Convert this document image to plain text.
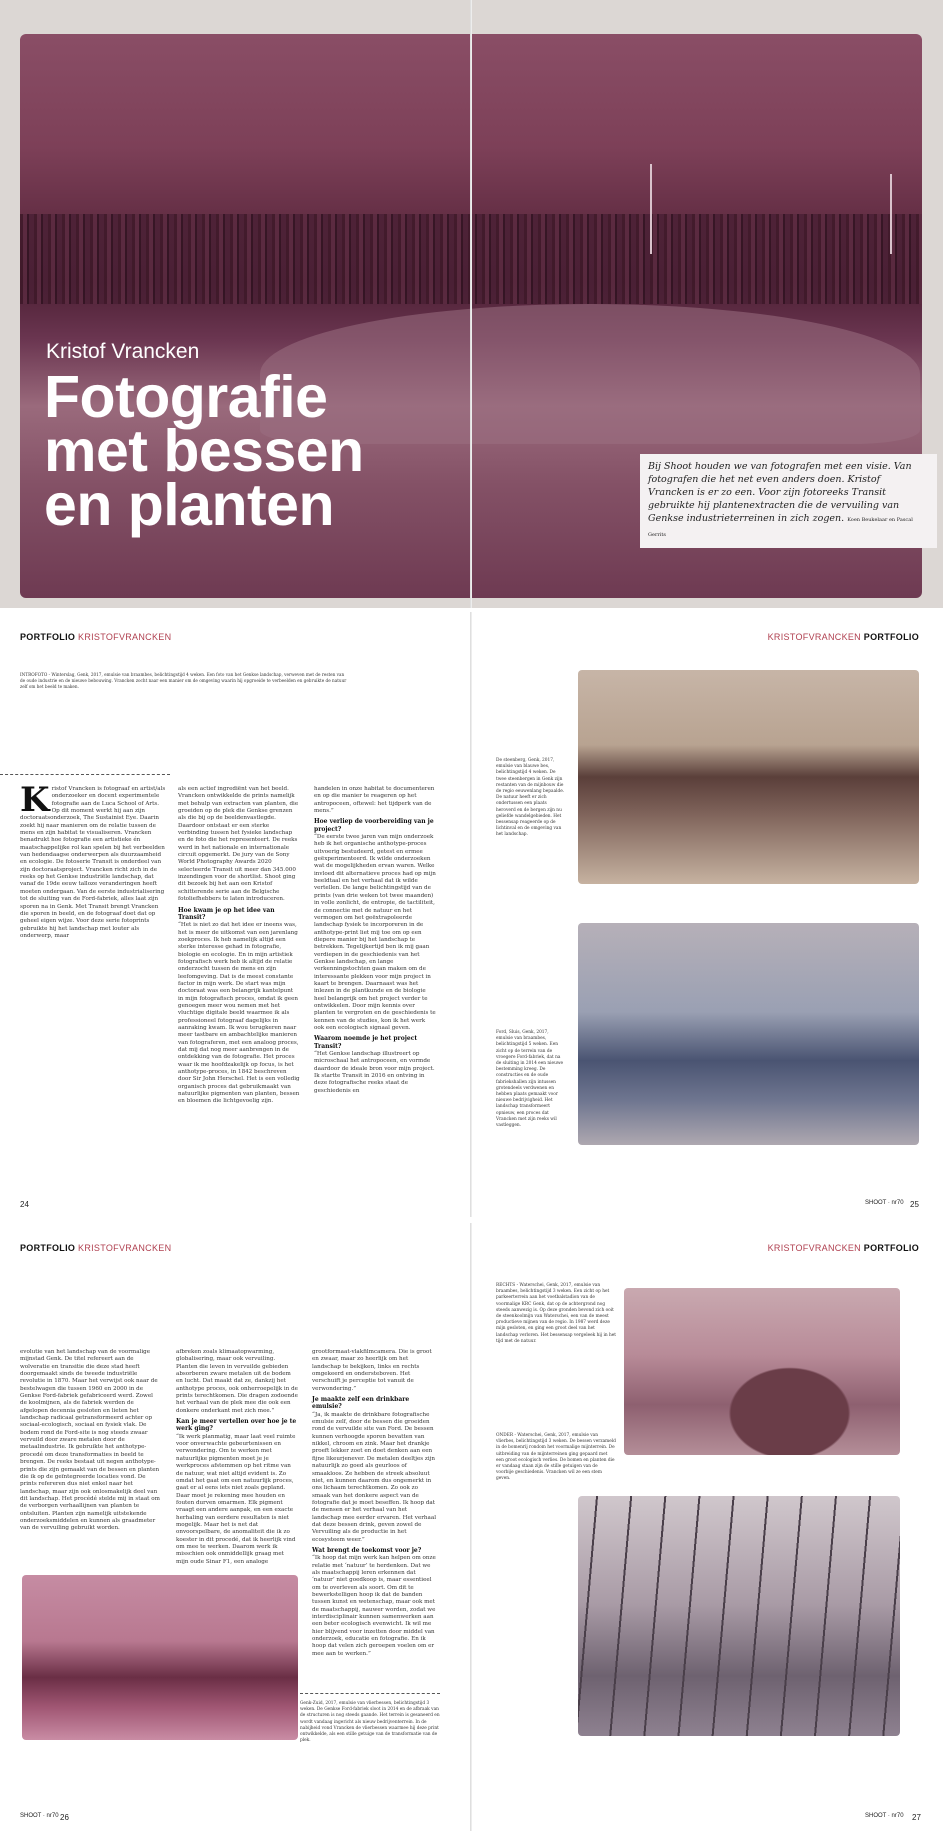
Kristof Vrancken
Fotografie
met bessen
en planten
Bij Shoot houden we van fotografen met een visie. Van fotografen die het net even anders doen. Kristof Vrancken is er zo een. Voor zijn fotoreeks Transit gebruikte hij plantenextracten die de vervuiling van Genkse industrieterreinen in zich zogen. Koen Beukelaar en Pascal Gerrits
PORTFOLIO KRISTOFVRANCKEN	KRISTOFVRANCKEN PORTFOLIO
INTROFOTO - Winterslag, Genk, 2017, emulsie van braambes, belichtingstijd 4 weken. Een foto van het Genkse landschap, verweven met de resten van de oude industrie en de nieuwe bebouwing. Vrancken zocht naar een manier om de omgeving waarin hij opgroeide te verbeelden en gebruikte de natuur zelf om het beeld te maken.
K ristof Vrancken is fotograaf en artist/als onderzoeker en docent experimentele fotografie aan de Luca School of Arts. Op dit moment werkt hij aan zijn doctoraatsonderzoek, The Sustainist Eye. Daarin zoekt hij naar manieren om de relatie tussen de mens en zijn habitat te visualiseren. Vrancken benadrukt hoe fotografie een artistieke én maatschappelijke rol kan spelen bij het verbeelden van hedendaagse onderwerpen als duurzaamheid en ecologie. De fotoserie Transit is onderdeel van zijn doctoraatsproject. Vrancken richt zich in de reeks op het Genkse industriële landschap, dat vanaf de 19de eeuw talloze veranderingen heeft moeten ondergaan. Van de eerste industrialisering tot de sluiting van de Ford-fabriek, alles laat zijn sporen na in Genk. Met Transit brengt Vrancken die sporen in beeld, en de fotograaf doet dat op geheel eigen wijze. Voor deze serie fotoprints gebruikte hij het landschap met louter als onderwerp, maar

als een actief ingrediënt van het beeld. Vrancken ontwikkelde de prints namelijk met behulp van extracten van planten, die groeiden op de plek die Genkse grenzen als die bij op de beeldenvastlegde. Daardoor ontstaat er een sterke verbinding tussen het fysieke landschap en de foto die het representeert. De reeks werd in het nationale en internationale circuit opgemerkt. De jury van de Sony World Photography Awards 2020 selecteerde Transit uit meer dan 345.000 inzendingen voor de shortlist. Shoot ging dit bezoek bij het aan een Kristof schitterende serie aan de Belgische fotoliefhebbers te laten introduceren.

Hoe kwam je op het idee van Transit?

“Het is niet zo dat het idee er ineens was, het is meer de uitkomst van een jarenlang zoekproces. Ik heb namelijk altijd een sterke interesse gehad in fotografie, biologie en ecologie. En in mijn artistiek fotografisch werk heb ik altijd de relatie onderzocht tussen de mens en zijn leefomgeving. Dat is de meest constante factor in mijn werk. De start was mijn doctoraat was een belangrijk kantelpunt in mijn fotografisch proces, omdat ik geen genoegen meer wou nemen met het vluchtige digitale beeld waarmee ik als professioneel fotograaf dagelijks in aanraking kwam. Ik wou terugkeren naar meer tastbare en ambachtelijke manieren van fotograferen, met een analoog proces, dat mij dat nog meer aanbrengen in de ontdekking van de fotografie. Het proces waar ik me hoofdzakelijk op focus, is het anthotype-proces, in 1842 beschreven door Sir John Herschel. Het is een volledig organisch proces dat gebruikmaakt van natuurlijke pigmenten van planten, bessen en bloemen die lichtgevoelig zijn.

handelen in onze habitat te documenteren en op die manier te reageren op het antropoceen, oftewel: het tijdperk van de mens.”

Hoe verliep de voorbereiding van je project?

“De eerste twee jaren van mijn onderzoek heb ik het organische anthotype-proces uitvoerig bestudeerd, getest en ermee geëxperimenteerd. Ik wilde onderzoeken wat de mogelijkheden ervan waren. Welke invloed dit alternatieve proces had op mijn beeldtaal en het verhaal dat ik wilde vertellen. De lange belichtingstijd van de prints (van drie weken tot twee maanden) in volle zonlicht, de entropie, de tactiliteit, de connectie met de natuur en het vermogen om het geëxtrapoleerde landschap fysiek te incorporeren in de anthotype-print liet mij toe om op een diepere manier bij het landschap te betrekken. Tegelijkertijd ben ik mij gaan verdiepen in de geschiedenis van het Genkse landschap, en lange verkenningstochten gaan maken om de interessante plekken voor mijn project in kaart te brengen. Daarnaast was het inlezen in de plantkunde en de biologie heel belangrijk om het project verder te ontwikkelen. Door mijn kennis over planten te vergroten en de geschiedenis te kennen van de studies, kon ik het werk ook een ecologisch signaal geven.

Waarom noemde je het project Transit?

“Het Genkse landschap illustreert op microschaal het antropoceen, en vormde daardoor de ideale bron voor mijn project. Ik startte Transit in 2016 en ontving in deze fotografische reeks staat de geschiedenis en

24
De steenberg, Genk, 2017, emulsie van blauwe bes, belichtingstijd 4 weken. De twee steenbergen in Genk zijn restanten van de mijnbouw die de regio eeuwenlang bepaalde. De natuur heeft er zich ondertussen een plaats heroverd en de bergen zijn nu geliefde wandelgebieden. Het bessensap reageerde op de lichtinval en de omgeving van het landschap.
Ford, Sluis, Genk, 2017, emulsie van braambes, belichtingstijd 5 weken. Een zicht op de terrein van de vroegere Ford-fabriek, dat na de sluiting in 2014 een nieuwe bestemming kreeg. De constructies en de oude fabriekshallen zijn intussen grotendeels verdwenen en hebben plaats gemaakt voor nieuwe bedrijvigheid. Het landschap transformeert opnieuw, een proces dat Vrancken met zijn reeks wil vastleggen.
SHOOT · nr70 25
PORTFOLIO KRISTOFVRANCKEN	KRISTOFVRANCKEN PORTFOLIO

evolutie van het landschap van de voormalige mijnstad Genk. De titel refereert aan de wolveratie en transitie die deze stad heeft doorgemaakt sinds de tweede industriële revolutie in 1870. Maar het verwijst ook naar de bestelwagen die tussen 1960 en 2000 in de Genkse Ford-fabriek gefabriceerd werd. Zowel de koolmijnen, als de fabriek werden de afgelopen decennia gesloten en lieten het landschap radicaal getransformeerd achter op sociaal-ecologisch, sociaal en fysiek vlak. De bodem rond de Ford-site is nog steeds zwaar vervuild door zware metalen door de metaalindustrie. Ik gebruikte het anthotype-procedé om deze transformaties in beeld te brengen. De reeks bestaat uit negen anthotype-prints die zijn gemaakt van de bessen en planten die ik op de geïntegreerde locaties vond. De prints refereren dus niet enkel naar het landschap, maar zijn ook onlosmakelijk deel van dit landschap. Het procédé stelde mij in staat om de verborgen verhaallijnen van planten te ontsluiten. Planten zijn namelijk uitstekende onderzoeksmiddelen en kunnen als graadmeter van de vervuiling gebruikt worden.

afbreken zoals klimaatopwarming, globalisering, maar ook vervuiling. Planten die leven in vervuilde gebieden absorberen zware metalen uit de bodem en lucht. Dat maakt dat ze, dankzij het anthotype proces, ook onherroepelijk in de prints terechtkomen. Die dragen zodoende het verhaal van de plek mee die ook een donkere onderkant met zich mee.”

Kan je meer vertellen over hoe je te werk ging?

“Ik werk planmatig, maar laat veel ruimte voor onverwachte gebeurtenissen en verwondering. Om te werken met natuurlijke pigmenten moet je je werkproces afstemmen op het ritme van de natuur, wat niet altijd evident is. Zo omdat het gaat om een natuurlijk proces, gaat er al eens iets niet zoals gepland. Daar moet je rekening mee houden en fouten durven omarmen. Elk pigment vraagt een andere aanpak, en een exacte herhaling van eerdere resultaten is niet mogelijk. Maar het is net dat onvoorspelbare, de anomaliteit die ik zo koester in dit procedé, dat ik heerlijk vind om mee te werken. Daarom werk ik misschien ook onmiddellijk graag met mijn oude Sinar F1, een analoge

grootformaat-vlakfilmcamera. Die is groot en zwaar, maar zo heerlijk om het landschap te bekijken, links en rechts omgekeerd en ondersteboven. Het verschuift je perceptie tot vanuit de verwondering.”

Je maakte zelf een drinkbare emulsie?

“Ja, ik maakte de drinkbare fotografische emulsie zelf, door de bessen die groeiden rond de vervuilde site van Ford. De bessen kunnen verhoogde sporen bevatten van nikkel, chroom en zink. Maar het drankje proeft lekker zoet en doet denken aan een fijne likeurjenever. De metalen deeltjes zijn natuurlijk zo goed als geurloos of smaakloos. Ze hebben de streek absoluut niet, en kunnen daarom dus ongemerkt in ons lichaam terechtkomen. Zo ook zo smaak van het donkere aspect van de fotografie dat je moet beseffen. Ik hoop dat de mensen er het verhaal van het landschap mee eerder ervaren. Het verhaal dat deze bessen drink, geven zowel de Vervuiling als de productie in het ecosysteem weer.”

Wat brengt de toekomst voor je?

“Ik hoop dat mijn werk kan helpen om onze relatie met ‘natuur’ te herdenken. Dat we als maatschappij leren erkennen dat ‘natuur’ niet goedkoop is, maar essentieel om te overleven als soort. Om dit te bewerkstelligen hoop ik dat de banden tussen kunst en wetenschap, maar ook met de maatschappij, nauwer worden, zodat we interdisciplinair kunnen samenwerken aan een beter ecologisch evenwicht. Ik wil me hier blijvend voor inzetten door middel van onderzoek, educatie en fotografie. En ik hoop dat velen zich geroepen voelen om er mee aan te werken.”

Genk-Zuid, 2017, emulsie van vlierbessen, belichtingstijd 3 weken. De Genkse Ford-fabriek sloot in 2014 en de afbraak van de structuren is nog steeds gaande. Het terrein is gesaneerd en wordt vandaag ingericht als nieuw bedrijventerrein. In de nabijheid vond Vrancken de vlierbessen waarmee hij deze print ontwikkelde, als een stille getuige van de transformatie van de plek.
SHOOT · nr70 26
RECHTS - Waterschei, Genk, 2017, emulsie van braambes, belichtingstijd 3 weken. Een zicht op het parkeerterrein aan het voetbalstadion van de voormalige KRC Genk, dat op de achtergrond nog steeds aanwezig is. Op deze gronden bevond zich ooit de steenkoolmijn van Waterschei, een van de meest productieve mijnen van de regio. In 1987 werd deze mijn gesloten, en ging een groot deel van het landschap verloren. Het bessensap vergeleek hij in het tijd met de natuur.
ONDER - Waterschei, Genk, 2017, emulsie van vlierbes, belichtingstijd 3 weken. De bessen verzameld in de bomenrij rondom het voormalige mijnterrein. De uitbreiding van de mijnterreinen ging gepaard met een groot ecologisch verlies. De bomen en planten die er vandaag staan zijn de stille getuigen van de voorbije geschiedenis. Vrancken wil ze een stem geven.
SHOOT · nr70 27
